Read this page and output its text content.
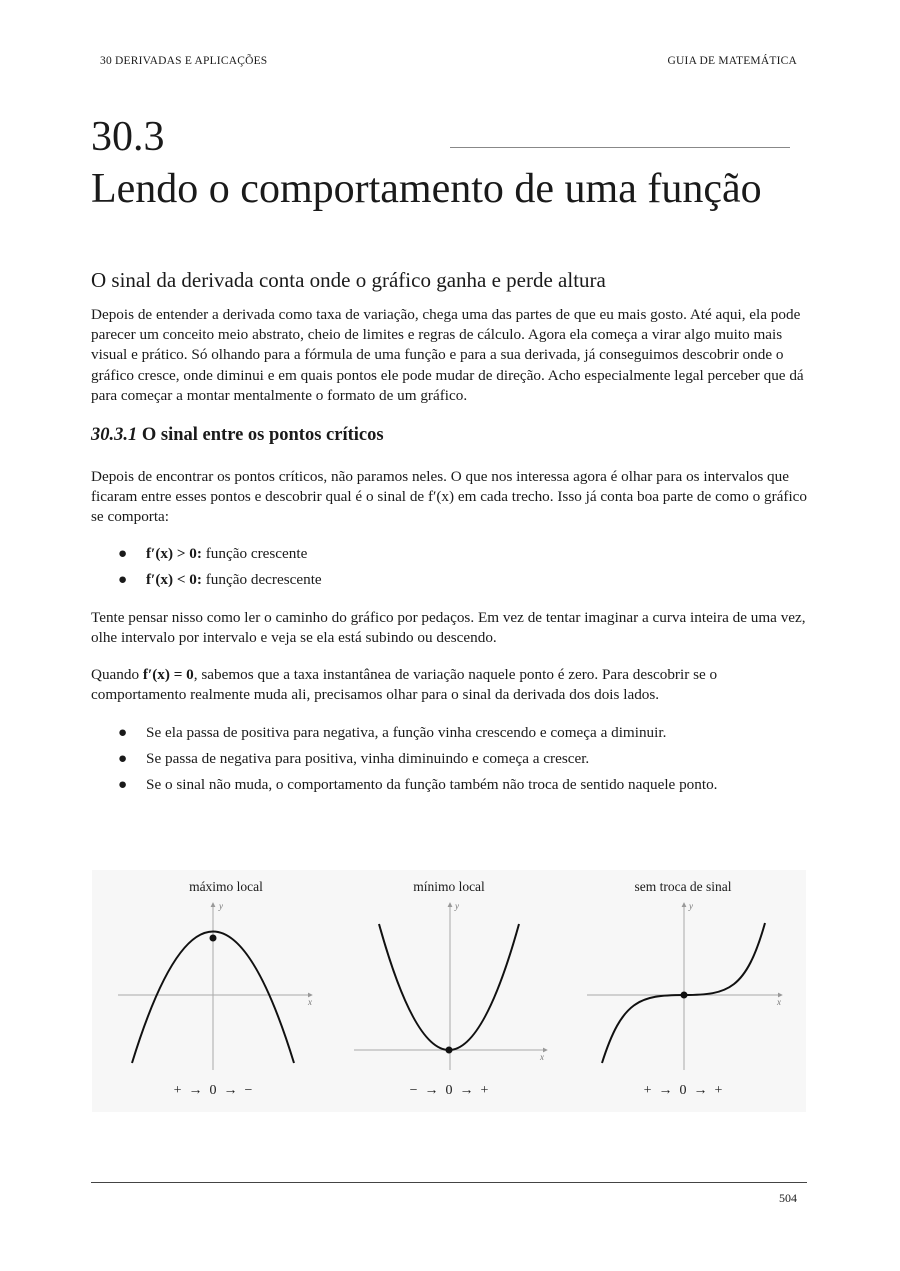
30 DERIVADAS E APLICAÇÕES	GUIA DE MATEMÁTICA
30.3
Lendo o comportamento de uma função
O sinal da derivada conta onde o gráfico ganha e perde altura

Depois de entender a derivada como taxa de variação, chega uma das partes de que eu mais gosto. Até aqui, ela pode parecer um conceito meio abstrato, cheio de limites e regras de cálculo. Agora ela começa a virar algo muito mais visual e prático. Só olhando para a fórmula de uma função e para a sua derivada, já conseguimos descobrir onde o gráfico cresce, onde diminui e em quais pontos ele pode mudar de direção. Acho especialmente legal perceber que dá para começar a montar mentalmente o formato de um gráfico.

30.3.1 O sinal entre os pontos críticos

Depois de encontrar os pontos críticos, não paramos neles. O que nos interessa agora é olhar para os intervalos que ficaram entre esses pontos e descobrir qual é o sinal de f′(x) em cada trecho. Isso já conta boa parte de como o gráfico se comporta:

● f′(x) > 0: função crescente
● f′(x) < 0: função decrescente

Tente pensar nisso como ler o caminho do gráfico por pedaços. Em vez de tentar imaginar a curva inteira de uma vez, olhe intervalo por intervalo e veja se ela está subindo ou descendo.

Quando f′(x) = 0, sabemos que a taxa instantânea de variação naquele ponto é zero. Para descobrir se o comportamento realmente muda ali, precisamos olhar para o sinal da derivada dos dois lados.

● Se ela passa de positiva para negativa, a função vinha crescendo e começa a diminuir.
● Se passa de negativa para positiva, vinha diminuindo e começa a crescer.
● Se o sinal não muda, o comportamento da função também não troca de sentido naquele ponto.
máximo local
y
x
+  →  0  →  −
mínimo local
y
x
−  →  0  →  +
sem troca de sinal
y
x
+  →  0  →  +
504
